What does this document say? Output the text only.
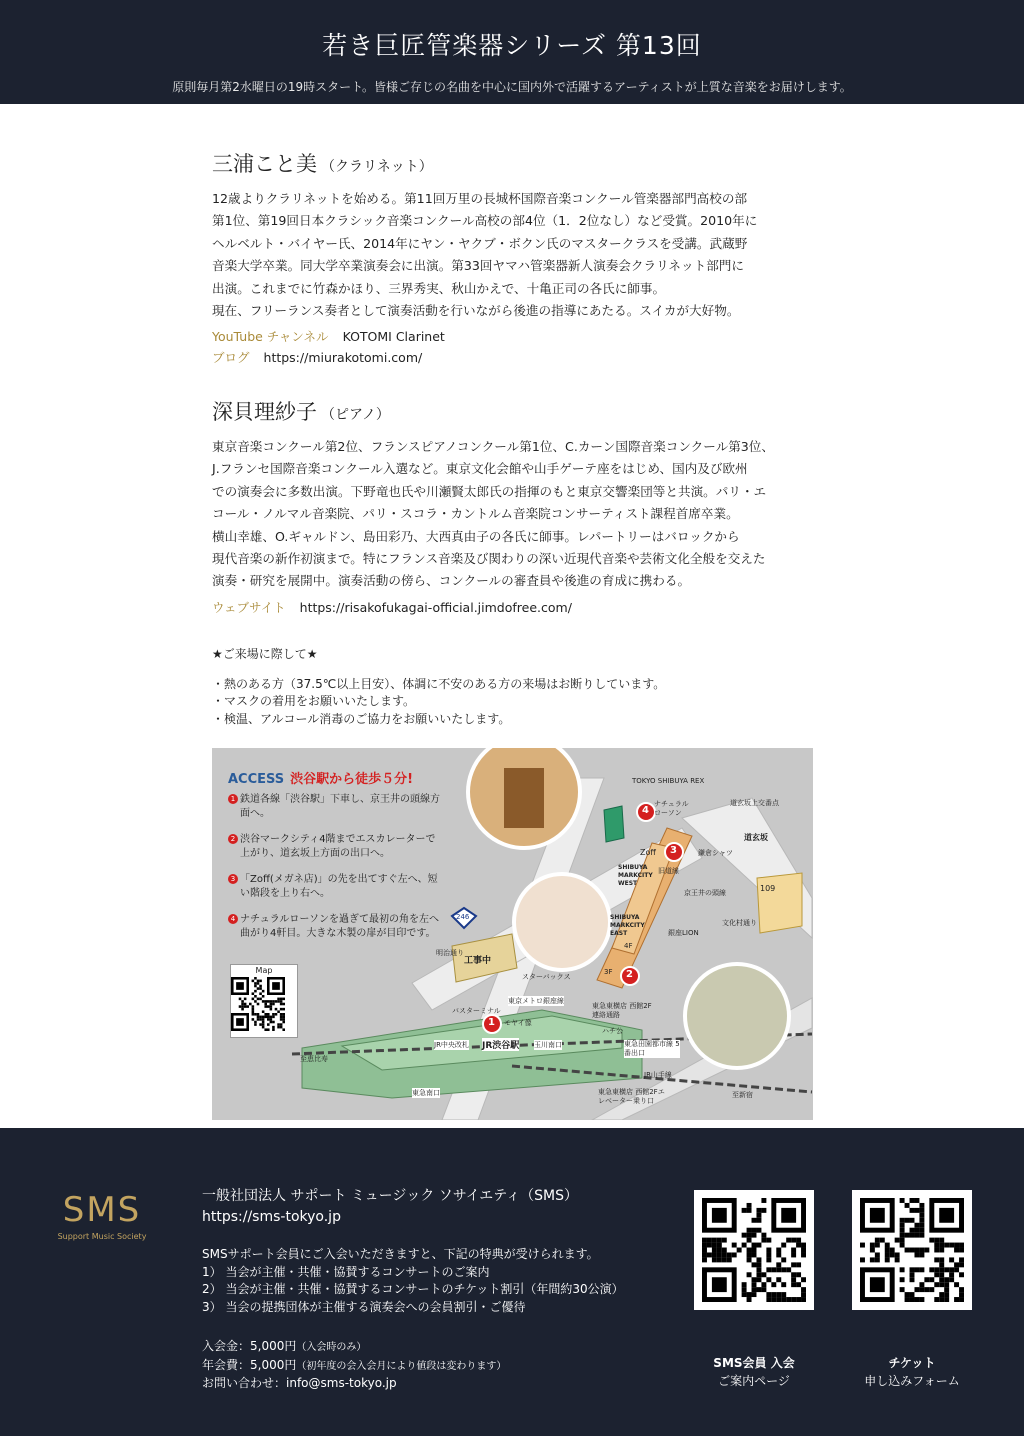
若き巨匠管楽器シリーズ 第13回
原則毎月第2水曜日の19時スタート。皆様ご存じの名曲を中心に国内外で活躍するアーティストが上質な音楽をお届けします。
三浦こと美 （クラリネット）

12歳よりクラリネットを始める。第11回万里の長城杯国際音楽コンクール管楽器部門高校の部

第1位、第19回日本クラシック音楽コンクール高校の部4位（1．2位なし）など受賞。2010年に

ヘルベルト・バイヤー氏、2014年にヤン・ヤクブ・ボクン氏のマスタークラスを受講。武蔵野

音楽大学卒業。同大学卒業演奏会に出演。第33回ヤマハ管楽器新人演奏会クラリネット部門に

出演。これまでに竹森かほり、三界秀実、秋山かえで、十亀正司の各氏に師事。

現在、フリーランス奏者として演奏活動を行いながら後進の指導にあたる。スイカが大好物。

YouTube チャンネル KOTOMI Clarinet
ブログ https://miurakotomi.com/
深貝理紗子 （ピアノ）

東京音楽コンクール第2位、フランスピアノコンクール第1位、C.カーン国際音楽コンクール第3位、

J.フランセ国際音楽コンクール入選など。東京文化会館や山手ゲーテ座をはじめ、国内及び欧州

での演奏会に多数出演。下野竜也氏や川瀬賢太郎氏の指揮のもと東京交響楽団等と共演。パリ・エ

コール・ノルマル音楽院、パリ・スコラ・カントルム音楽院コンサーティスト課程首席卒業。

横山幸雄、O.ギャルドン、島田彩乃、大西真由子の各氏に師事。レパートリーはバロックから

現代音楽の新作初演まで。特にフランス音楽及び関わりの深い近現代音楽や芸術文化全般を交えた

演奏・研究を展開中。演奏活動の傍ら、コンクールの審査員や後進の育成に携わる。

ウェブサイト https://risakofukagai-official.jimdofree.com/
★ご来場に際して★
・熱のある方（37.5℃以上目安）、体調に不安のある方の来場はお断りしています。
・マスクの着用をお願いいたします。
・検温、アルコール消毒のご協力をお願いいたします。
4
3
2
1
TOKYO SHIBUYA REX
ナチュラル ローソン
道玄坂上交番点
道玄坂
Zoff	鎌倉シャツ
SHIBUYA MARKCITY WEST
SHIBUYA MARKCITY EAST
京王井の頭線
銀座LION
109
文化村通り
246
明治通り
工事中
スターバックス
4F
3F
東京メトロ銀座線
東急東横店 西館2F連絡通路
バスターミナル
モヤイ像
ハチ公
JR中央改札 JR渋谷駅 玉川南口	東急田園都市線 5番出口
至恵比寿
JR山手線
東急南口	東急東横店 西館2Fエレベーター乗り口
至新宿
旧道線
ACCESS 渋谷駅から徒歩５分!
1 鉄道各線「渋谷駅」下車し、京王井の頭線方面へ。
2 渋谷マークシティ4階までエスカレーターで上がり、道玄坂上方面の出口へ。
3 「Zoff(メガネ店)」の先を出てすぐ左へ、短い階段を上り右へ。
4 ナチュラルローソンを過ぎて最初の角を左へ曲がり4軒目。大きな木製の扉が目印です。
Map
SMS
Support Music Society
一般社団法人 サポート ミュージック ソサイエティ（SMS）
https://sms-tokyo.jp
SMSサポート会員にご入会いただきますと、下記の特典が受けられます。
1） 当会が主催・共催・協賛するコンサートのご案内
2） 当会が主催・共催・協賛するコンサートのチケット割引（年間約30公演）
3） 当会の提携団体が主催する演奏会への会員割引・ご優待
入会金：5,000円（入会時のみ）
年会費：5,000円（初年度の会入会月により値段は変わります）
お問い合わせ：info@sms-tokyo.jp
SMS会員 入会
ご案内ページ
チケット
申し込みフォーム
